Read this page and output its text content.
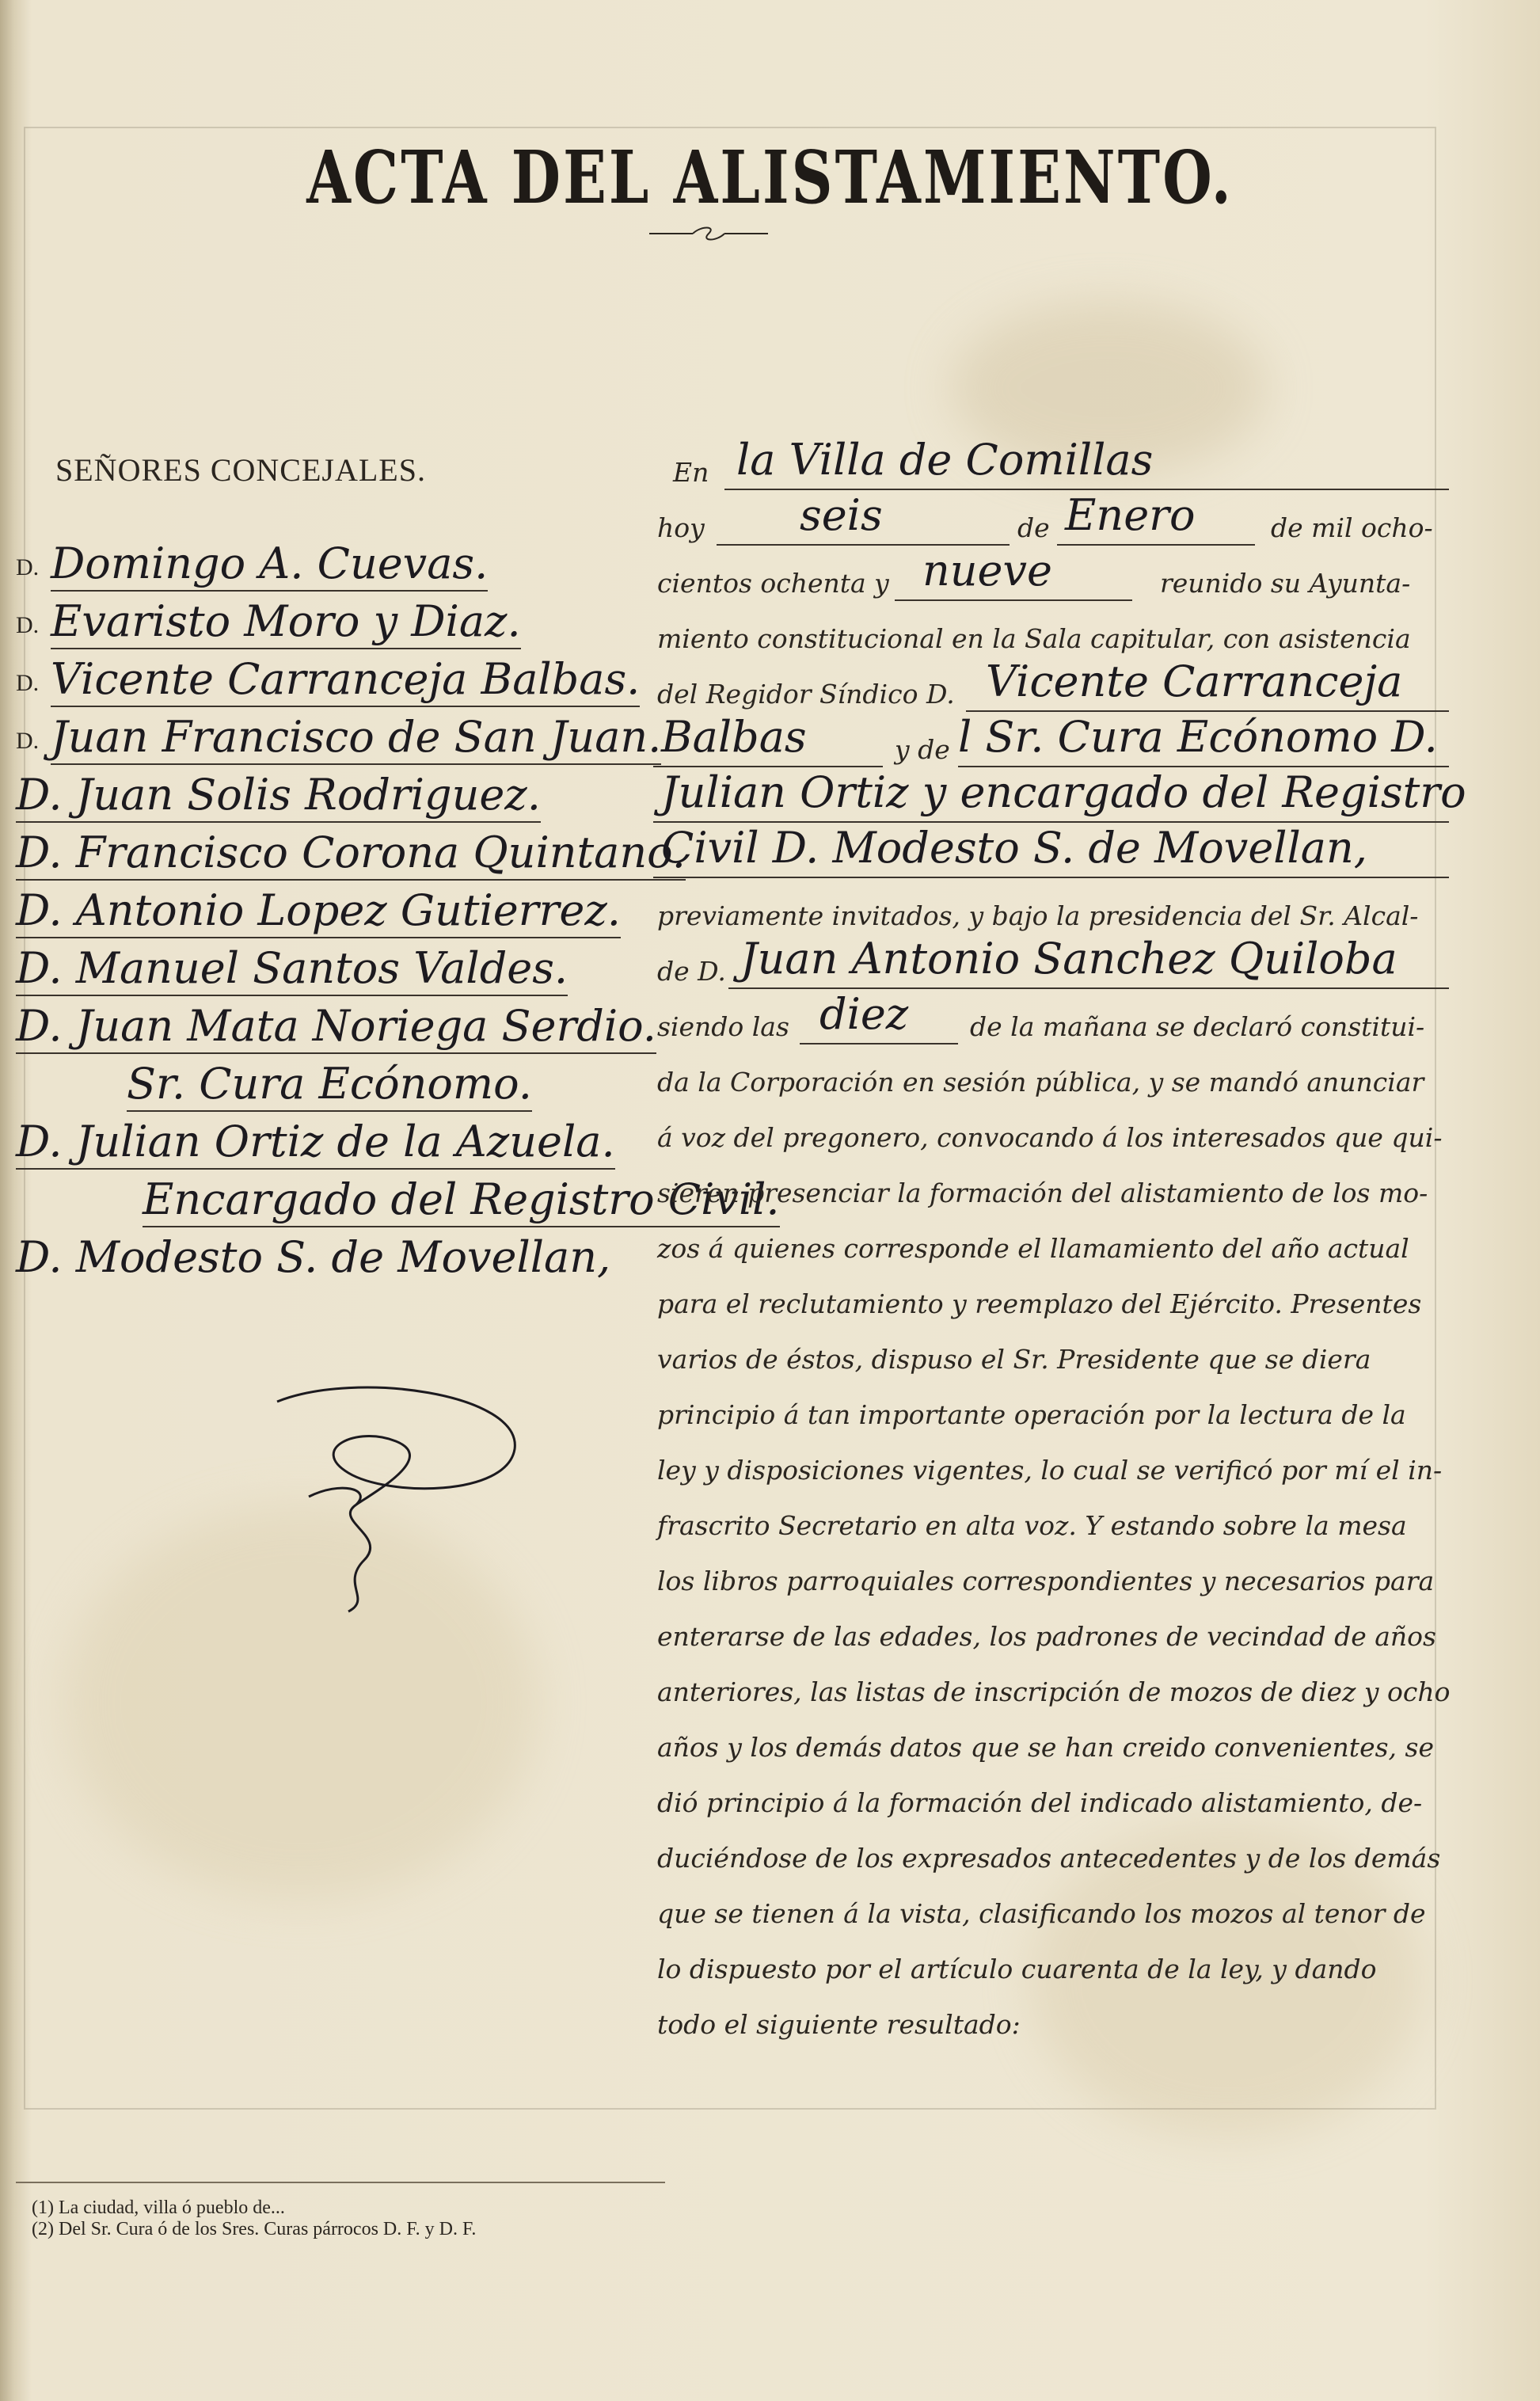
ACTA DEL ALISTAMIENTO.
SEÑORES CONCEJALES.
D. Domingo A. Cuevas.
D. Evaristo Moro y Diaz.
D. Vicente Carranceja Balbas.
D. Juan Francisco de San Juan.
D. Juan Solis Rodriguez.
D. Francisco Corona Quintano.
D. Antonio Lopez Gutierrez.
D. Manuel Santos Valdes.
D. Juan Mata Noriega Serdio.
Sr. Cura Ecónomo.
D. Julian Ortiz de la Azuela.
Encargado del Registro Civil.
D. Modesto S. de Movellan,
En la Villa de Comillas
hoy seis	de Enero	de mil ocho-
cientos ochenta y nueve	reunido su Ayunta-
miento constitucional en la Sala capitular, con asistencia
del Regidor Síndico D. Vicente Carranceja
Balbas	y de l Sr. Cura Ecónomo D.
Julian Ortiz y encargado del Registro
Civil D. Modesto S. de Movellan,
previamente invitados, y bajo la presidencia del Sr. Alcal-
de D. Juan Antonio Sanchez Quiloba
siendo las diez de la mañana se declaró constitui-
da la Corporación en sesión pública, y se mandó anunciar
á voz del pregonero, convocando á los interesados que qui-
sieren presenciar la formación del alistamiento de los mo-
zos á quienes corresponde el llamamiento del año actual
para el reclutamiento y reemplazo del Ejército. Presentes
varios de éstos, dispuso el Sr. Presidente que se diera
principio á tan importante operación por la lectura de la
ley y disposiciones vigentes, lo cual se verificó por mí el in-
frascrito Secretario en alta voz. Y estando sobre la mesa
los libros parroquiales correspondientes y necesarios para
enterarse de las edades, los padrones de vecindad de años
anteriores, las listas de inscripción de mozos de diez y ocho
años y los demás datos que se han creido convenientes, se
dió principio á la formación del indicado alistamiento, de-
duciéndose de los expresados antecedentes y de los demás
que se tienen á la vista, clasificando los mozos al tenor de
lo dispuesto por el artículo cuarenta de la ley, y dando
todo el siguiente resultado:
(1) La ciudad, villa ó pueblo de...
(2) Del Sr. Cura ó de los Sres. Curas párrocos D. F. y D. F.
